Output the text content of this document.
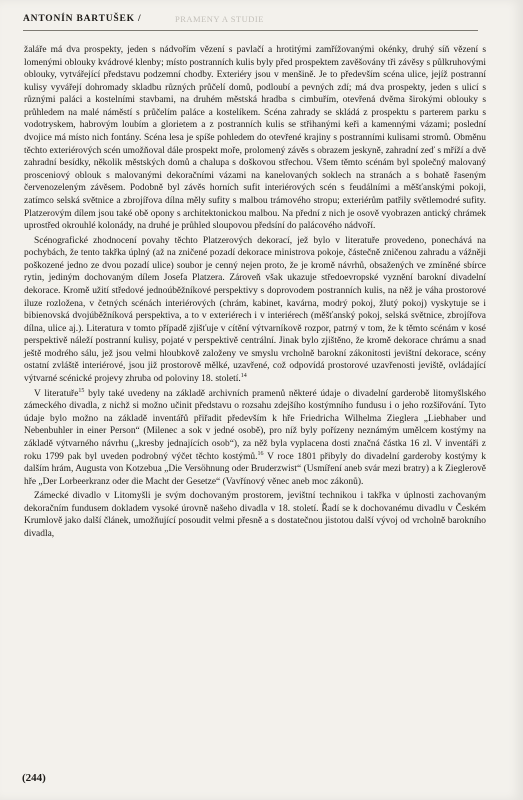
ANTONÍN BARTUŠEK /	PRAMENY A STUDIE

žaláře má dva prospekty, jeden s nádvořím vězení s pavlačí a hrotitými zamřížovanými okénky, druhý síň vězení s lomenými oblouky kvádrové klenby; místo postranních kulis byly před prospektem zavěšovány tři závěsy s půlkruhovými oblouky, vytvářející představu podzemní chodby. Exteriéry jsou v menšině. Je to především scéna ulice, jejíž postranní kulisy vyvářejí dohromady skladbu různých průčelí domů, podloubí a pevných zdí; má dva prospekty, jeden s ulicí s různými paláci a kostelními stavbami, na druhém městská hradba s cimbuřím, otevřená dvěma širokými oblouky s průhledem na malé náměstí s průčelím paláce a kostelíkem. Scéna zahrady se skládá z prospektu s parterem parku s vodotryskem, habrovým loubím a glorietem a z postranních kulis se střihanými keři a kamennými vázami; poslední dvojice má místo nich fontány. Scéna lesa je spíše pohledem do otevřené krajiny s postranními kulisami stromů. Obměnu těchto exteriérových scén umožňoval dále prospekt moře, prolomený závěs s obrazem jeskyně, zahradní zeď s mříží a dvě zahradní besídky, několik městských domů a chalupa s doškovou střechou. Všem těmto scénám byl společný malovaný prosceniový oblouk s malovanými dekoračními vázami na kanelovaných soklech na stranách a s bohatě řaseným červenozeleným závěsem. Podobně byl závěs horních sufit interiérových scén s feudálními a měšťanskými pokoji, zatímco selská světnice a zbrojířova dílna měly sufity s malbou trámového stropu; exteriérům patřily světlemodré sufity. Platzerovým dílem jsou také obě opony s architektonickou malbou. Na přední z nich je osově vyobrazen antický chrámek uprostřed okrouhlé kolonády, na druhé je průhled sloupovou předsíní do palácového nádvoří.

Scénografické zhodnocení povahy těchto Platzerových dekorací, jež bylo v literatuře provedeno, ponechává na pochybách, že tento takřka úplný (až na zničené pozadí dekorace ministrova pokoje, částečně zničenou zahradu a vážněji poškozené jedno ze dvou pozadí ulice) soubor je cenný nejen proto, že je kromě návrhů, obsažených ve zmíněné sbírce rytin, jediným dochovaným dílem Josefa Platzera. Zároveň však ukazuje středoevropské vyznění barokní divadelní dekorace. Kromě užití středové jednoúběžníkové perspektivy s doprovodem postranních kulis, na něž je váha prostorové iluze rozložena, v četných scénách interiérových (chrám, kabinet, kavárna, modrý pokoj, žlutý pokoj) vyskytuje se i bibienovská dvojúběžníková perspektiva, a to v exteriérech i v interiérech (měšťanský pokoj, selská světnice, zbrojířova dílna, ulice aj.). Literatura v tomto případě zjišťuje v cítění výtvarníkově rozpor, patrný v tom, že k těmto scénám v kosé perspektivě náleží postranní kulisy, pojaté v perspektivě centrální. Jinak bylo zjištěno, že kromě dekorace chrámu a snad ještě modrého sálu, jež jsou velmi hloubkově založeny ve smyslu vrcholně barokní zákonitosti jevištní dekorace, scény ostatní zvláště interiérové, jsou již prostorově mělké, uzavřené, což odpovídá prostorové uzavřenosti jeviště, ovládající výtvarné scénické projevy zhruba od poloviny 18. století.$^{14}$

V literatuře$^{15}$ byly také uvedeny na základě archivních pramenů některé údaje o divadelní garderobě litomyšlského zámeckého divadla, z nichž si možno učinit představu o rozsahu zdejšího kostýmního fundusu i o jeho rozšiřování. Tyto údaje bylo možno na základě inventářů přiřadit především k hře Friedricha Wilhelma Zieglera „Liebhaber und Nebenbuhler in einer Person“ (Milenec a sok v jedné osobě), pro níž byly pořízeny neznámým umělcem kostýmy na základě výtvarného návrhu („kresby jednajících osob“), za něž byla vyplacena dosti značná částka 16 zl. V inventáři z roku 1799 pak byl uveden podrobný výčet těchto kostýmů.$^{16}$ V roce 1801 přibyly do divadelní garderoby kostýmy k dalším hrám, Augusta von Kotzebua „Die Versöhnung oder Bruderzwist“ (Usmíření aneb svár mezi bratry) a k Zieglerově hře „Der Lorbeerkranz oder die Macht der Gesetze“ (Vavřínový věnec aneb moc zákonů).

Zámecké divadlo v Litomyšli je svým dochovaným prostorem, jevištní technikou i takřka v úplnosti zachovaným dekoračním fundusem dokladem vysoké úrovně našeho divadla v 18. století. Řadí se k dochovanému divadlu v Českém Krumlově jako další článek, umožňující posoudit velmi přesně a s dostatečnou jistotou další vývoj od vrcholně barokního divadla,

(244)
